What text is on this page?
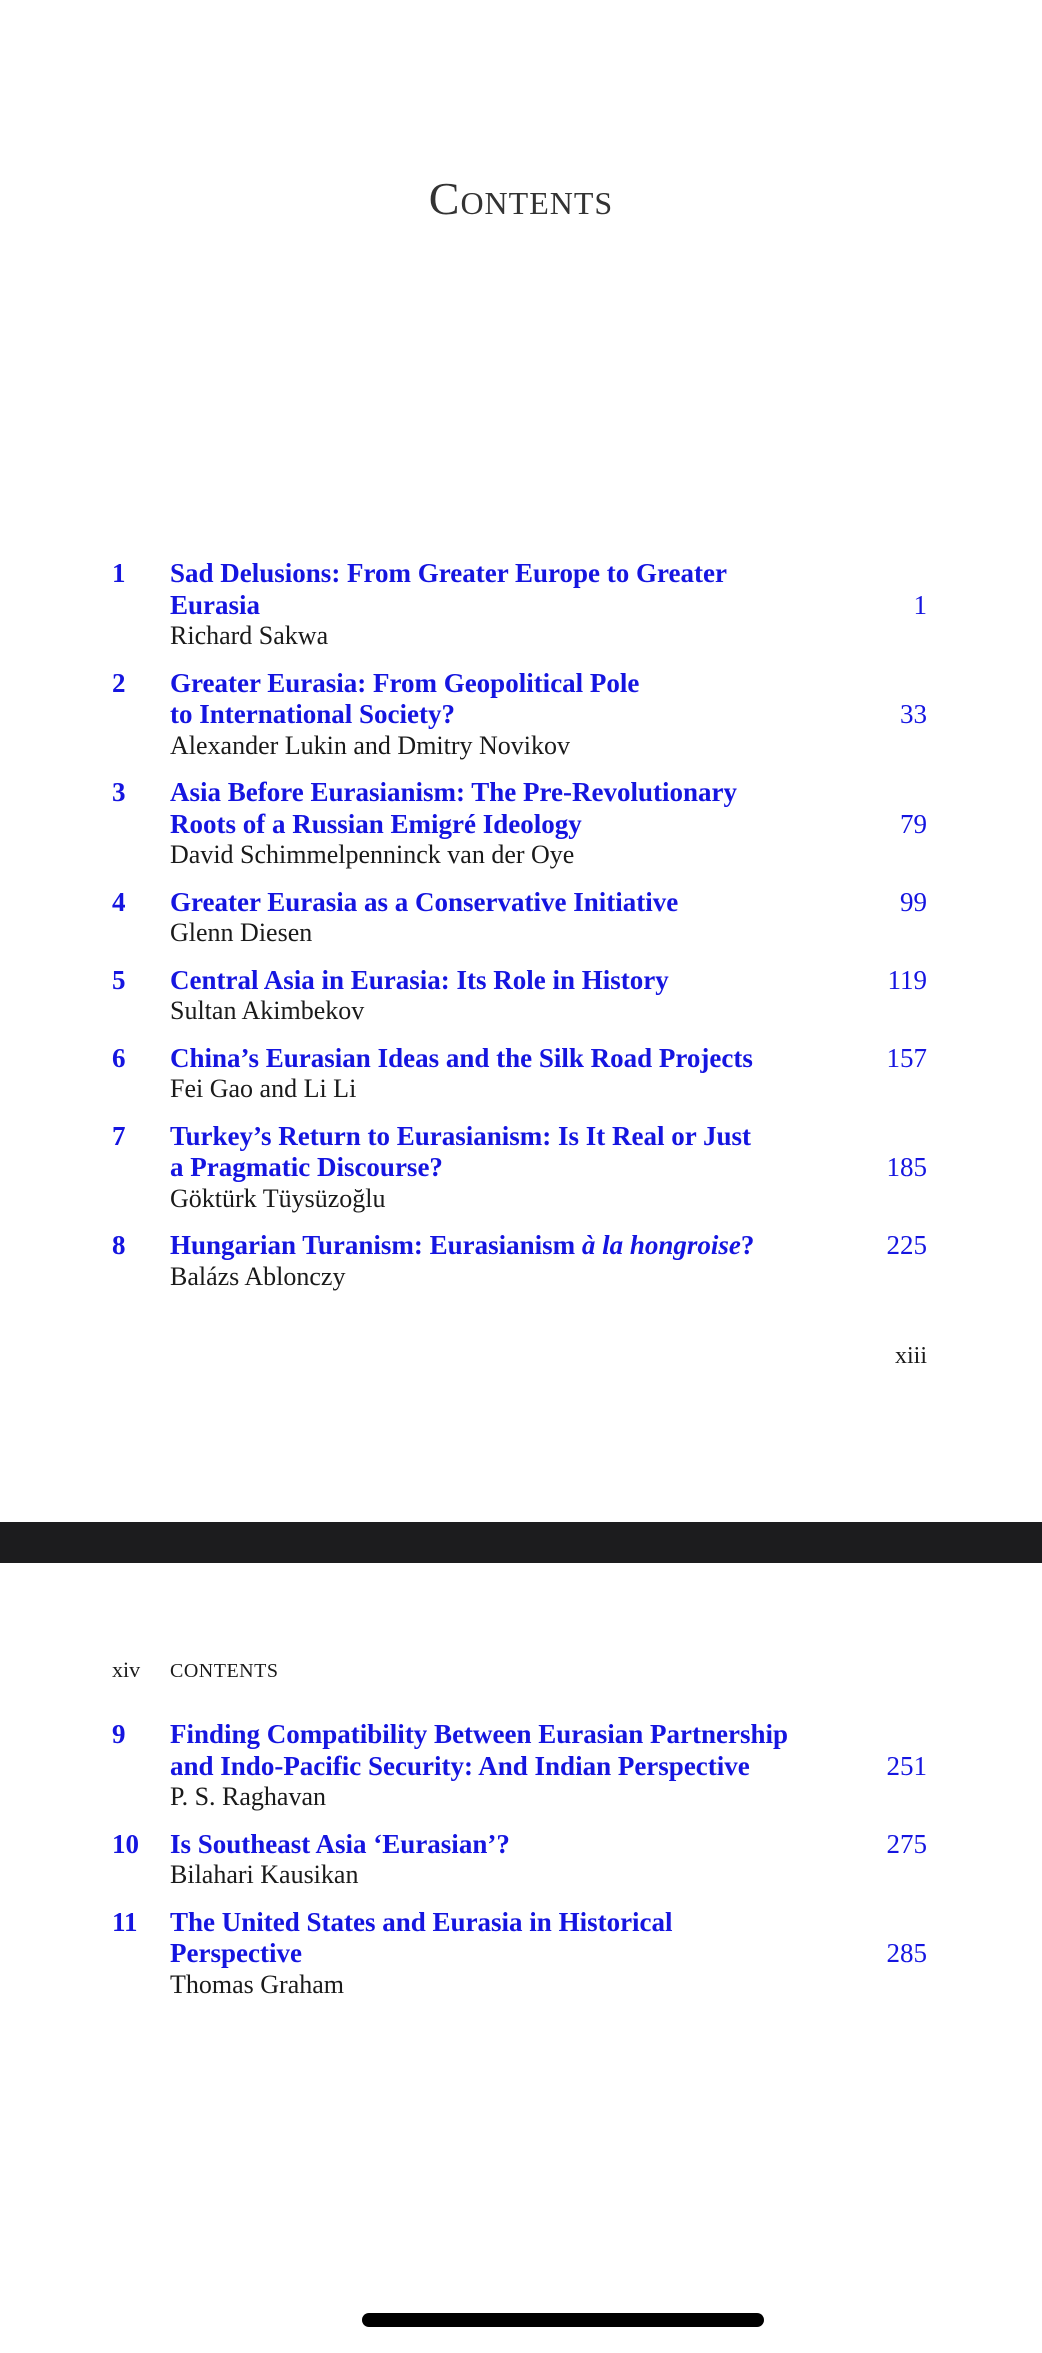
Contents
1	Sad Delusions: From Greater Europe to Greater
Eurasia	1
Richard Sakwa
2	Greater Eurasia: From Geopolitical Pole
to International Society?	33
Alexander Lukin and Dmitry Novikov
3	Asia Before Eurasianism: The Pre-Revolutionary
Roots of a Russian Emigré Ideology	79
David Schimmelpenninck van der Oye
4	Greater Eurasia as a Conservative Initiative	99
Glenn Diesen
5	Central Asia in Eurasia: Its Role in History	119
Sultan Akimbekov
6	China’s Eurasian Ideas and the Silk Road Projects	157
Fei Gao and Li Li
7	Turkey’s Return to Eurasianism: Is It Real or Just
a Pragmatic Discourse?	185
Göktürk Tüysüzoğlu
8	Hungarian Turanism: Eurasianism à la hongroise?	225
Balázs Ablonczy
xiii
xiv CONTENTS
9	Finding Compatibility Between Eurasian Partnership
and Indo-Pacific Security: And Indian Perspective	251
P. S. Raghavan
10	Is Southeast Asia ‘Eurasian’?	275
Bilahari Kausikan
11	The United States and Eurasia in Historical
Perspective	285
Thomas Graham
